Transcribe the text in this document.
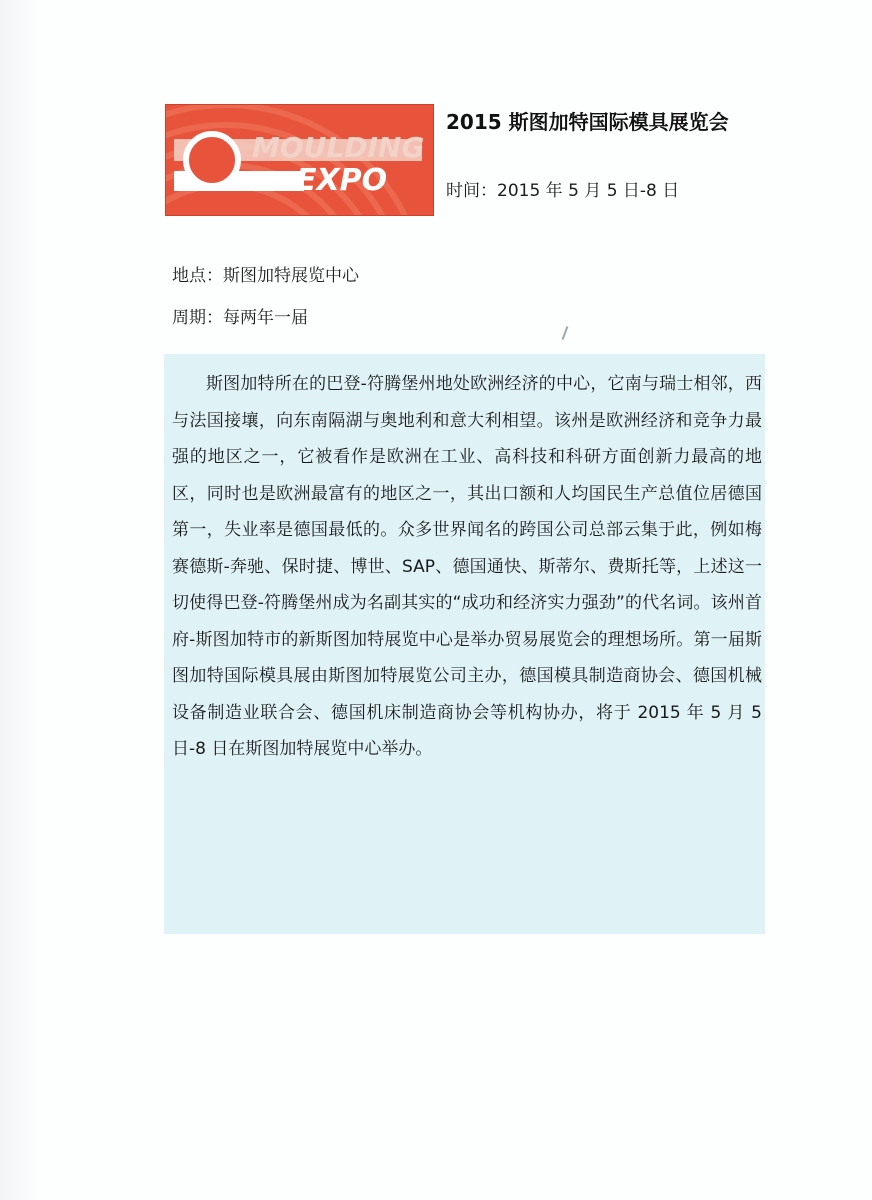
MOULDING
EXPO
2015 斯图加特国际模具展览会
时间：2015 年 5 月 5 日-8 日
地点：斯图加特展览中心
周期：每两年一届
斯图加特所在的巴登-符腾堡州地处欧洲经济的中心，它南与瑞士相邻，西与法国接壤，向东南隔湖与奥地利和意大利相望。该州是欧洲经济和竞争力最强的地区之一，它被看作是欧洲在工业、高科技和科研方面创新力最高的地区，同时也是欧洲最富有的地区之一，其出口额和人均国民生产总值位居德国第一，失业率是德国最低的。众多世界闻名的跨国公司总部云集于此，例如梅赛德斯-奔驰、保时捷、博世、SAP、德国通快、斯蒂尔、费斯托等，上述这一切使得巴登-符腾堡州成为名副其实的“成功和经济实力强劲”的代名词。该州首府-斯图加特市的新斯图加特展览中心是举办贸易展览会的理想场所。第一届斯图加特国际模具展由斯图加特展览公司主办，德国模具制造商协会、德国机械设备制造业联合会、德国机床制造商协会等机构协办，将于 2015 年 5 月 5 日-8 日在斯图加特展览中心举办。
